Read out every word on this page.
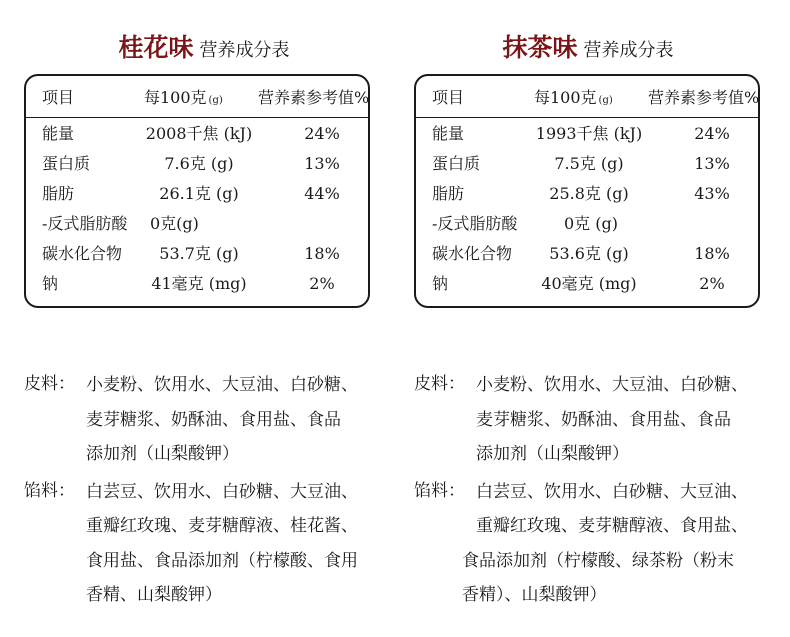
桂花味 营养成分表
项目	每100克 (g) 营养素参考值%
能量	2008千焦 (kJ)	24%
蛋白质	7.6克 (g)	13%
脂肪	26.1克 (g)	44%
-反式脂肪酸 0克(g)
碳水化合物	53.7克 (g)	18%
钠	41毫克 (mg)	2%
皮料： 小麦粉、饮用水、大豆油、白砂糖、
麦芽糖浆、奶酥油、食用盐、食品
添加剂（山梨酸钾）
馅料： 白芸豆、饮用水、白砂糖、大豆油、
重瓣红玫瑰、麦芽糖醇液、桂花酱、
食用盐、食品添加剂（柠檬酸、食用
香精、山梨酸钾）
抹茶味 营养成分表
项目	每100克 (g) 营养素参考值%
能量	1993千焦 (kJ)	24%
蛋白质	7.5克 (g)	13%
脂肪	25.8克 (g)	43%
-反式脂肪酸	0克 (g)
碳水化合物	53.6克 (g)	18%
钠	40毫克 (mg)	2%
皮料： 小麦粉、饮用水、大豆油、白砂糖、
麦芽糖浆、奶酥油、食用盐、食品
添加剂（山梨酸钾）
馅料： 白芸豆、饮用水、白砂糖、大豆油、
重瓣红玫瑰、麦芽糖醇液、食用盐、
食品添加剂（柠檬酸、绿茶粉（粉末
香精）、山梨酸钾）
